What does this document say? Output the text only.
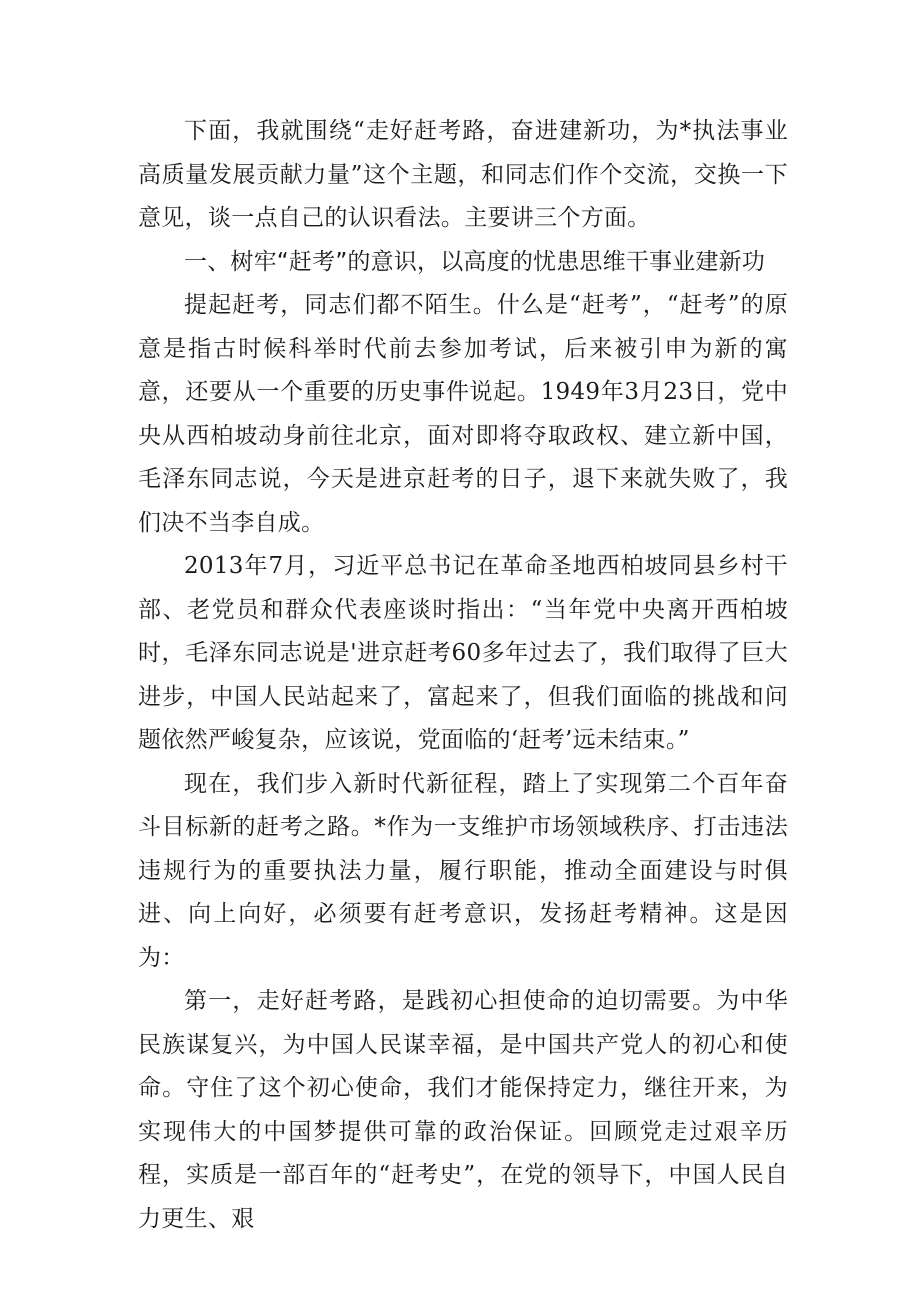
下面，我就围绕“走好赶考路，奋进建新功，为*执法事业高质量发展贡献力量”这个主题，和同志们作个交流，交换一下意见，谈一点自己的认识看法。主要讲三个方面。

一、树牢“赶考”的意识，以高度的忧患思维干事业建新功

提起赶考，同志们都不陌生。什么是“赶考”，“赶考”的原意是指古时候科举时代前去参加考试，后来被引申为新的寓意，还要从一个重要的历史事件说起。1949年3月23日，党中央从西柏坡动身前往北京，面对即将夺取政权、建立新中国，毛泽东同志说，今天是进京赶考的日子，退下来就失败了，我们决不当李自成。

2013年7月，习近平总书记在革命圣地西柏坡同县乡村干部、老党员和群众代表座谈时指出：“当年党中央离开西柏坡时，毛泽东同志说是'进京赶考60多年过去了，我们取得了巨大进步，中国人民站起来了，富起来了，但我们面临的挑战和问题依然严峻复杂，应该说，党面临的‘赶考’远未结束。”

现在，我们步入新时代新征程，踏上了实现第二个百年奋斗目标新的赶考之路。*作为一支维护市场领域秩序、打击违法违规行为的重要执法力量，履行职能，推动全面建设与时俱进、向上向好，必须要有赶考意识，发扬赶考精神。这是因为：

第一，走好赶考路，是践初心担使命的迫切需要。为中华民族谋复兴，为中国人民谋幸福，是中国共产党人的初心和使命。守住了这个初心使命，我们才能保持定力，继往开来，为实现伟大的中国梦提供可靠的政治保证。回顾党走过艰辛历程，实质是一部百年的“赶考史”，在党的领导下，中国人民自力更生、艰
